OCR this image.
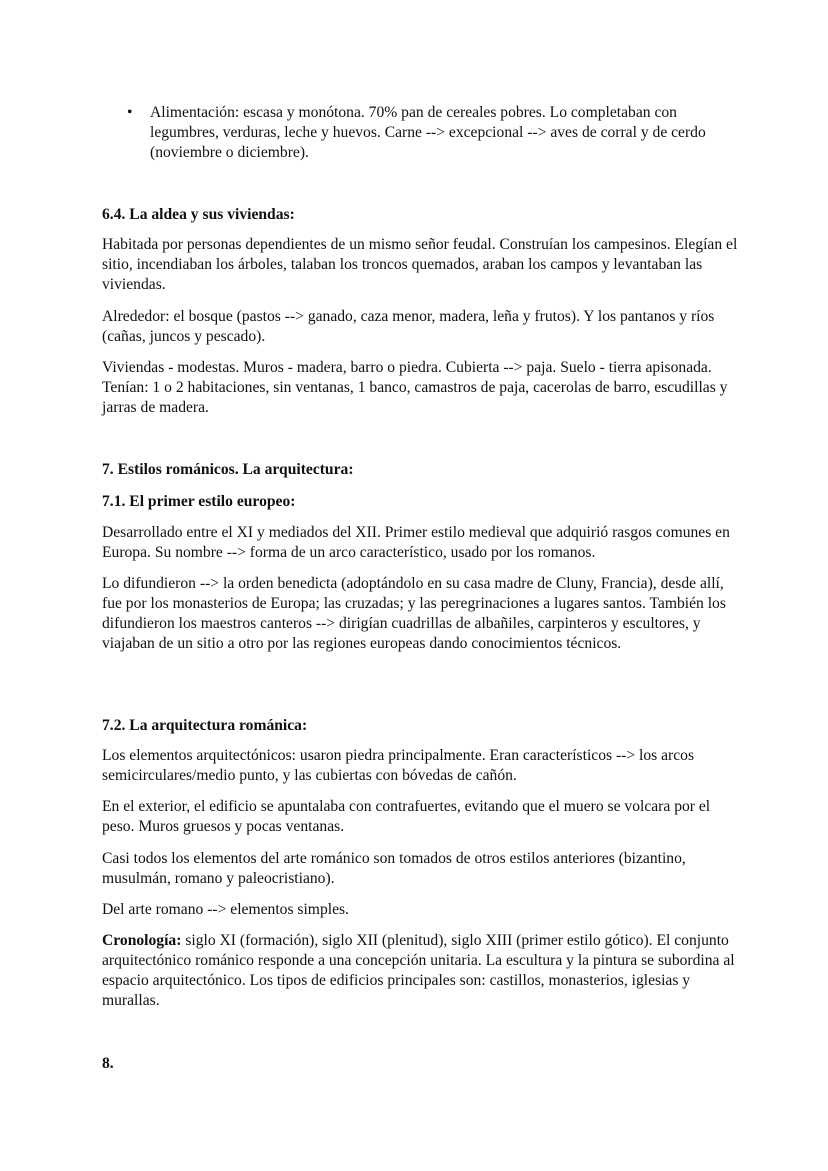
• Alimentación: escasa y monótona. 70% pan de cereales pobres. Lo completaban con legumbres, verduras, leche y huevos. Carne --> excepcional --> aves de corral y de cerdo (noviembre o diciembre).
6.4. La aldea y sus viviendas:

Habitada por personas dependientes de un mismo señor feudal. Construían los campesinos. Elegían el sitio, incendiaban los árboles, talaban los troncos quemados, araban los campos y levantaban las viviendas.

Alrededor: el bosque (pastos --> ganado, caza menor, madera, leña y frutos). Y los pantanos y ríos (cañas, juncos y pescado).

Viviendas - modestas. Muros - madera, barro o piedra. Cubierta --> paja. Suelo - tierra apisonada. Tenían: 1 o 2 habitaciones, sin ventanas, 1 banco, camastros de paja, cacerolas de barro, escudillas y jarras de madera.

7. Estilos románicos. La arquitectura:
7.1. El primer estilo europeo:

Desarrollado entre el XI y mediados del XII. Primer estilo medieval que adquirió rasgos comunes en Europa. Su nombre --> forma de un arco característico, usado por los romanos.

Lo difundieron --> la orden benedicta (adoptándolo en su casa madre de Cluny, Francia), desde allí, fue por los monasterios de Europa; las cruzadas; y las peregrinaciones a lugares santos. También los difundieron los maestros canteros --> dirigían cuadrillas de albañiles, carpinteros y escultores, y viajaban de un sitio a otro por las regiones europeas dando conocimientos técnicos.

7.2. La arquitectura románica:

Los elementos arquitectónicos: usaron piedra principalmente. Eran característicos --> los arcos semicirculares/medio punto, y las cubiertas con bóvedas de cañón.

En el exterior, el edificio se apuntalaba con contrafuertes, evitando que el muero se volcara por el peso. Muros gruesos y pocas ventanas.

Casi todos los elementos del arte románico son tomados de otros estilos anteriores (bizantino, musulmán, romano y paleocristiano).

Del arte romano --> elementos simples.

Cronología: siglo XI (formación), siglo XII (plenitud), siglo XIII (primer estilo gótico). El conjunto arquitectónico románico responde a una concepción unitaria. La escultura y la pintura se subordina al espacio arquitectónico. Los tipos de edificios principales son: castillos, monasterios, iglesias y murallas.

8.
